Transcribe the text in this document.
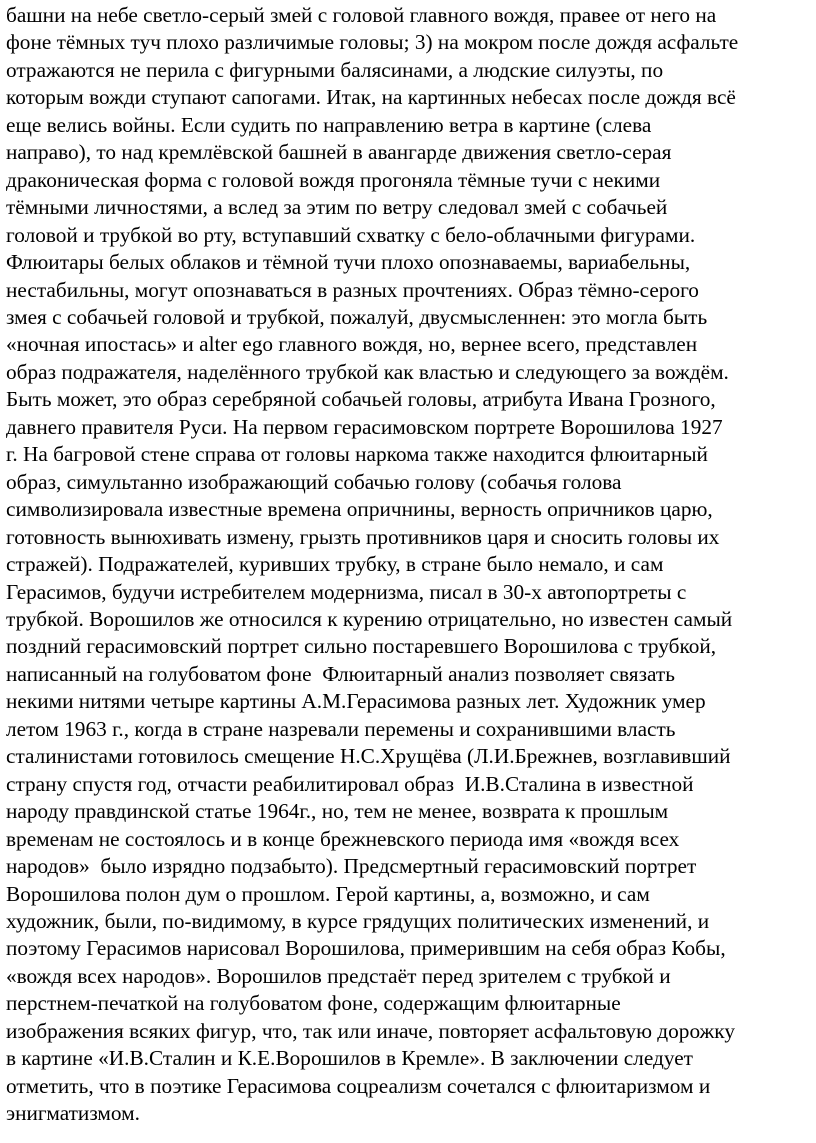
башни на небе светло-серый змей с головой главного вождя, правее от него на
фоне тёмных туч плохо различимые головы; 3) на мокром после дождя асфальте
отражаются не перила с фигурными балясинами, а людские силуэты, по
которым вожди ступают сапогами. Итак, на картинных небесах после дождя всё
еще велись войны. Если судить по направлению ветра в картине (слева
направо), то над кремлёвской башней в авангарде движения светло-серая
драконическая форма с головой вождя прогоняла тёмные тучи с некими
тёмными личностями, а вслед за этим по ветру следовал змей с собачьей
головой и трубкой во рту, вступавший схватку с бело-облачными фигурами.
Флюитары белых облаков и тёмной тучи плохо опознаваемы, вариабельны,
нестабильны, могут опознаваться в разных прочтениях. Образ тёмно-серого
змея с собачьей головой и трубкой, пожалуй, двусмысленнен: это могла быть
«ночная ипостась» и alter ego главного вождя, но, вернее всего, представлен
образ подражателя, наделённого трубкой как властью и следующего за вождём.
Быть может, это образ серебряной собачьей головы, атрибута Ивана Грозного,
давнего правителя Руси. На первом герасимовском портрете Ворошилова 1927
г. На багровой стене справа от головы наркома также находится флюитарный
образ, симультанно изображающий собачью голову (собачья голова
символизировала известные времена опричнины, верность опричников царю,
готовность вынюхивать измену, грызть противников царя и сносить головы их
стражей). Подражателей, куривших трубку, в стране было немало, и сам
Герасимов, будучи истребителем модернизма, писал в 30-х автопортреты с
трубкой. Ворошилов же относился к курению отрицательно, но известен самый
поздний герасимовский портрет сильно постаревшего Ворошилова с трубкой,
написанный на голубоватом фоне  Флюитарный анализ позволяет связать
некими нитями четыре картины А.М.Герасимова разных лет. Художник умер
летом 1963 г., когда в стране назревали перемены и сохранившими власть
сталинистами готовилось смещение Н.С.Хрущёва (Л.И.Брежнев, возглавивший
страну спустя год, отчасти реабилитировал образ  И.В.Сталина в известной
народу правдинской статье 1964г., но, тем не менее, возврата к прошлым
временам не состоялось и в конце брежневского периода имя «вождя всех
народов»  было изрядно подзабыто). Предсмертный герасимовский портрет
Ворошилова полон дум о прошлом. Герой картины, а, возможно, и сам
художник, были, по-видимому, в курсе грядущих политических изменений, и
поэтому Герасимов нарисовал Ворошилова, примерившим на себя образ Кобы,
«вождя всех народов». Ворошилов предстаёт перед зрителем с трубкой и
перстнем-печаткой на голубоватом фоне, содержащим флюитарные
изображения всяких фигур, что, так или иначе, повторяет асфальтовую дорожку
в картине «И.В.Сталин и К.Е.Ворошилов в Кремле». В заключении следует
отметить, что в поэтике Герасимова соцреализм сочетался с флюитаризмом и
энигматизмом.
